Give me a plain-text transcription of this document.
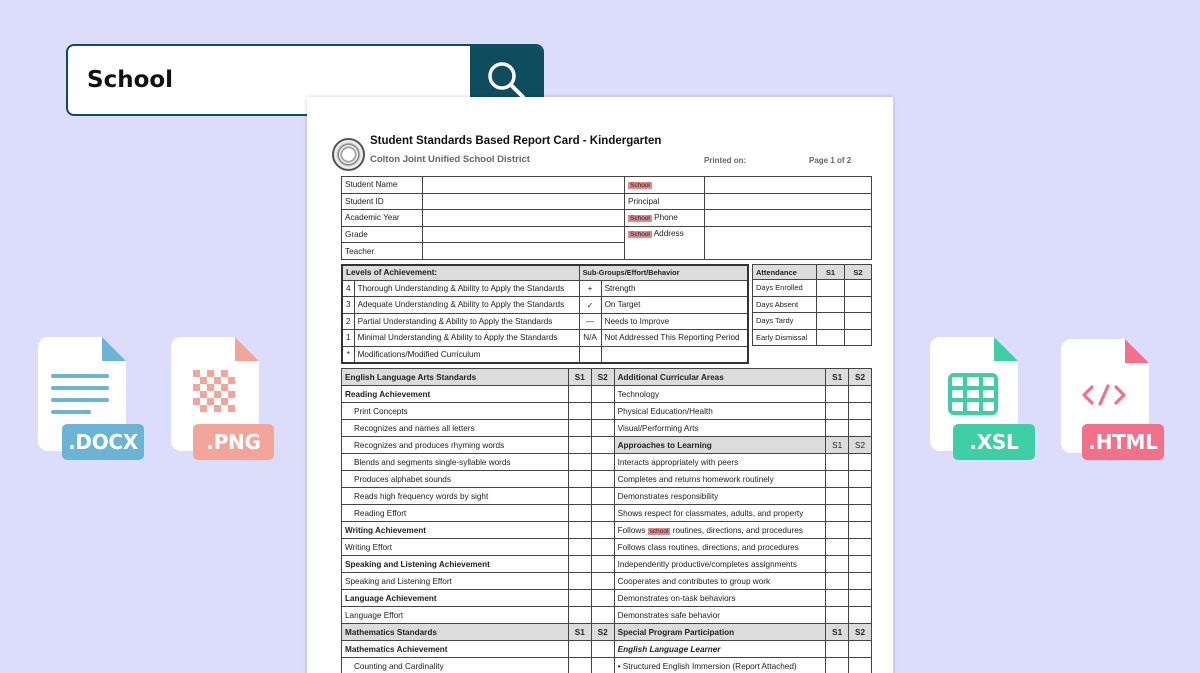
School
Student Standards Based Report Card - Kindergarten
Colton Joint Unified School District	Printed on:	Page 1 of 2
Student Name		School	
Student ID		Principal	
Academic Year		School Phone	
Grade		School Address	
Teacher			
Levels of Achievement:		Sub-Groups/Effort/Behavior	
4	Thorough Understanding & Ability to Apply the Standards	+	Strength
3	Adequate Understanding & Ability to Apply the Standards	✓	On Target
2	Partial Understanding & Ability to Apply the Standards	—	Needs to Improve
1	Minimal Understanding & Ability to Apply the Standards	N/A	Not Addressed This Reporting Period
*	Modifications/Modified Curriculum		
Attendance	S1	S2
Days Enrolled		
Days Absent		
Days Tardy		
Early Dismissal		
English Language Arts Standards	S1	S2	Additional Curricular Areas	S1	S2
Reading Achievement			Technology		
Print Concepts			Physical Education/Health		
Recognizes and names all letters			Visual/Performing Arts		
Recognizes and produces rhyming words			Approaches to Learning	S1	S2
Blends and segments single-syllable words			Interacts appropriately with peers		
Produces alphabet sounds			Completes and returns homework routinely		
Reads high frequency words by sight			Demonstrates responsibility		
Reading Effort			Shows respect for classmates, adults, and property		
Writing Achievement			Follows school routines, directions, and procedures		
Writing Effort			Follows class routines, directions, and procedures		
Speaking and Listening Achievement			Independently productive/completes assignments		
Speaking and Listening Effort			Cooperates and contributes to group work		
Language Achievement			Demonstrates on-task behaviors		
Language Effort			Demonstrates safe behavior		
Mathematics Standards	S1	S2	Special Program Participation	S1	S2
Mathematics Achievement			English Language Learner		
Counting and Cardinality			• Structured English Immersion (Report Attached)		
.DOCX	.PNG	.XSL	.HTML
